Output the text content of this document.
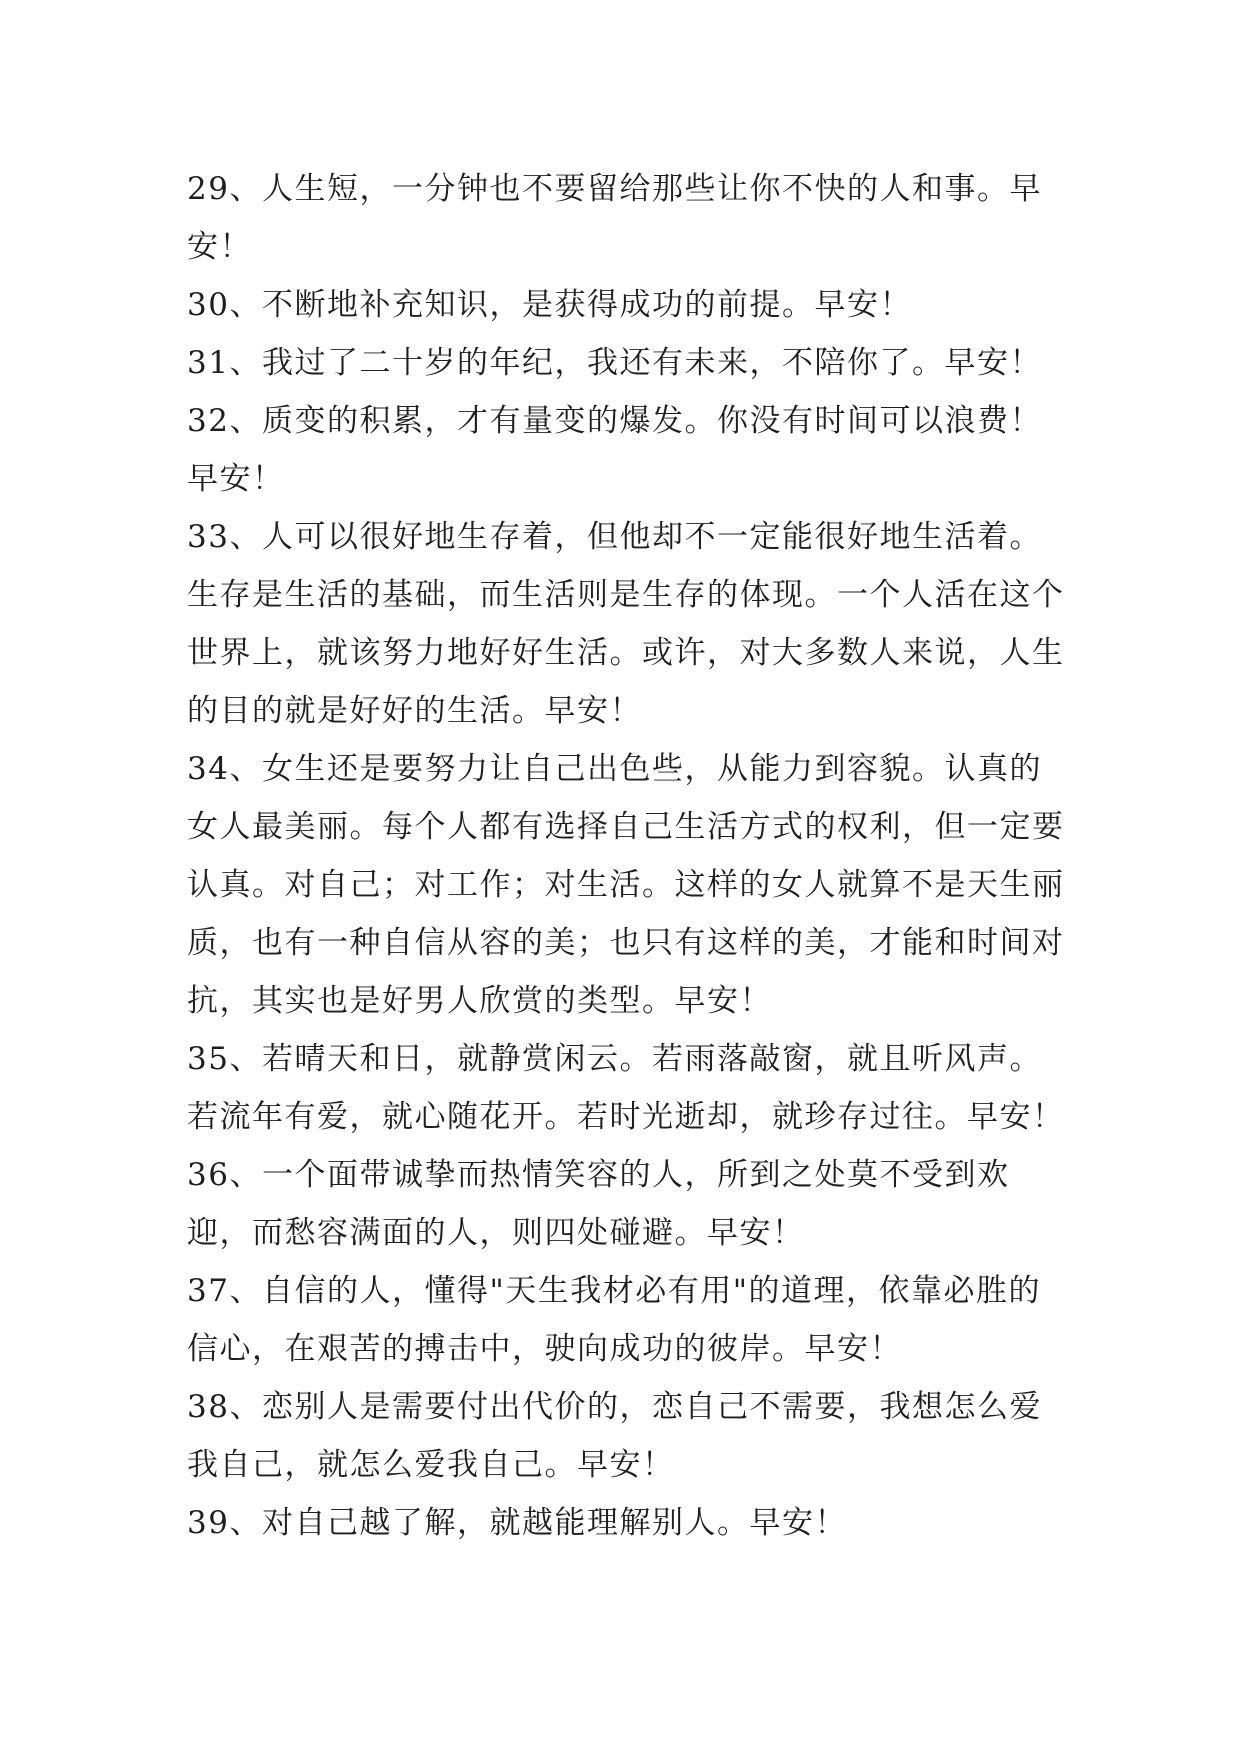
29、人生短，一分钟也不要留给那些让你不快的人和事。早安！

30、不断地补充知识，是获得成功的前提。早安！

31、我过了二十岁的年纪，我还有未来，不陪你了。早安！

32、质变的积累，才有量变的爆发。你没有时间可以浪费！早安！

33、人可以很好地生存着，但他却不一定能很好地生活着。生存是生活的基础，而生活则是生存的体现。一个人活在这个世界上，就该努力地好好生活。或许，对大多数人来说，人生的目的就是好好的生活。早安！

34、女生还是要努力让自己出色些，从能力到容貌。认真的女人最美丽。每个人都有选择自己生活方式的权利，但一定要认真。对自己；对工作；对生活。这样的女人就算不是天生丽质，也有一种自信从容的美；也只有这样的美，才能和时间对抗，其实也是好男人欣赏的类型。早安！

35、若晴天和日，就静赏闲云。若雨落敲窗，就且听风声。若流年有爱，就心随花开。若时光逝却，就珍存过往。早安！

36、一个面带诚挚而热情笑容的人，所到之处莫不受到欢迎，而愁容满面的人，则四处碰避。早安！

37、自信的人，懂得"天生我材必有用"的道理，依靠必胜的信心，在艰苦的搏击中，驶向成功的彼岸。早安！

38、恋别人是需要付出代价的，恋自己不需要，我想怎么爱我自己，就怎么爱我自己。早安！

39、对自己越了解，就越能理解别人。早安！
